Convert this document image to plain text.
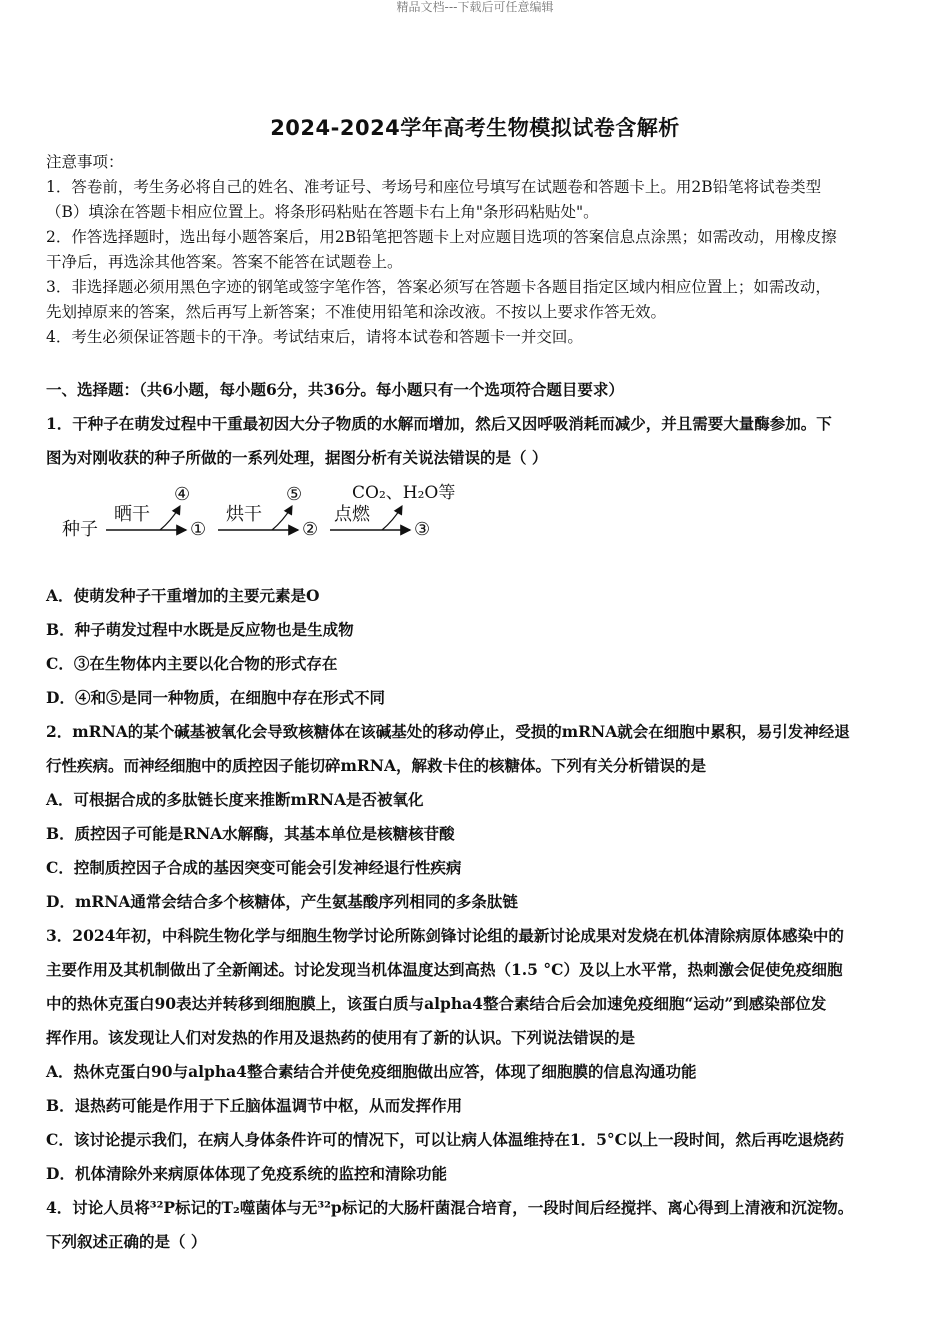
精品文档---下载后可任意编辑
2024-2024学年高考生物模拟试卷含解析
注意事项：
1．答卷前，考生务必将自己的姓名、准考证号、考场号和座位号填写在试题卷和答题卡上。用2B铅笔将试卷类型
（B）填涂在答题卡相应位置上。将条形码粘贴在答题卡右上角"条形码粘贴处"。
2．作答选择题时，选出每小题答案后，用2B铅笔把答题卡上对应题目选项的答案信息点涂黑；如需改动，用橡皮擦
干净后，再选涂其他答案。答案不能答在试题卷上。
3．非选择题必须用黑色字迹的钢笔或签字笔作答，答案必须写在答题卡各题目指定区域内相应位置上；如需改动，
先划掉原来的答案，然后再写上新答案；不准使用铅笔和涂改液。不按以上要求作答无效。
4．考生必须保证答题卡的干净。考试结束后，请将本试卷和答题卡一并交回。
一、选择题：（共6小题，每小题6分，共36分。每小题只有一个选项符合题目要求）
1．干种子在萌发过程中干重最初因大分子物质的水解而增加，然后又因呼吸消耗而减少，并且需要大量酶参加。下
图为对刚收获的种子所做的一系列处理，据图分析有关说法错误的是（ ）
A．使萌发种子干重增加的主要元素是O
B．种子萌发过程中水既是反应物也是生成物
C．③在生物体内主要以化合物的形式存在
D．④和⑤是同一种物质，在细胞中存在形式不同
2．mRNA的某个碱基被氧化会导致核糖体在该碱基处的移动停止，受损的mRNA就会在细胞中累积，易引发神经退
行性疾病。而神经细胞中的质控因子能切碎mRNA，解救卡住的核糖体。下列有关分析错误的是
A．可根据合成的多肽链长度来推断mRNA是否被氧化
B．质控因子可能是RNA水解酶，其基本单位是核糖核苷酸
C．控制质控因子合成的基因突变可能会引发神经退行性疾病
D．mRNA通常会结合多个核糖体，产生氨基酸序列相同的多条肽链
3．2024年初，中科院生物化学与细胞生物学讨论所陈剑锋讨论组的最新讨论成果对发烧在机体清除病原体感染中的
主要作用及其机制做出了全新阐述。讨论发现当机体温度达到高热（1.5 °C）及以上水平常，热刺激会促使免疫细胞
中的热休克蛋白90表达并转移到细胞膜上，该蛋白质与alpha4整合素结合后会加速免疫细胞“运动”到感染部位发
挥作用。该发现让人们对发热的作用及退热药的使用有了新的认识。下列说法错误的是
A．热休克蛋白90与alpha4整合素结合并使免疫细胞做出应答，体现了细胞膜的信息沟通功能
B．退热药可能是作用于下丘脑体温调节中枢，从而发挥作用
C．该讨论提示我们，在病人身体条件许可的情况下，可以让病人体温维持在1．5°C以上一段时间，然后再吃退烧药
D．机体清除外来病原体体现了免疫系统的监控和清除功能
4．讨论人员将³²P标记的T₂噬菌体与无³²p标记的大肠杆菌混合培育，一段时间后经搅拌、离心得到上清液和沉淀物。
下列叙述正确的是（ ）
种子
晒干
④
①
烘干
⑤
②
点燃
CO₂、H₂O等
③
